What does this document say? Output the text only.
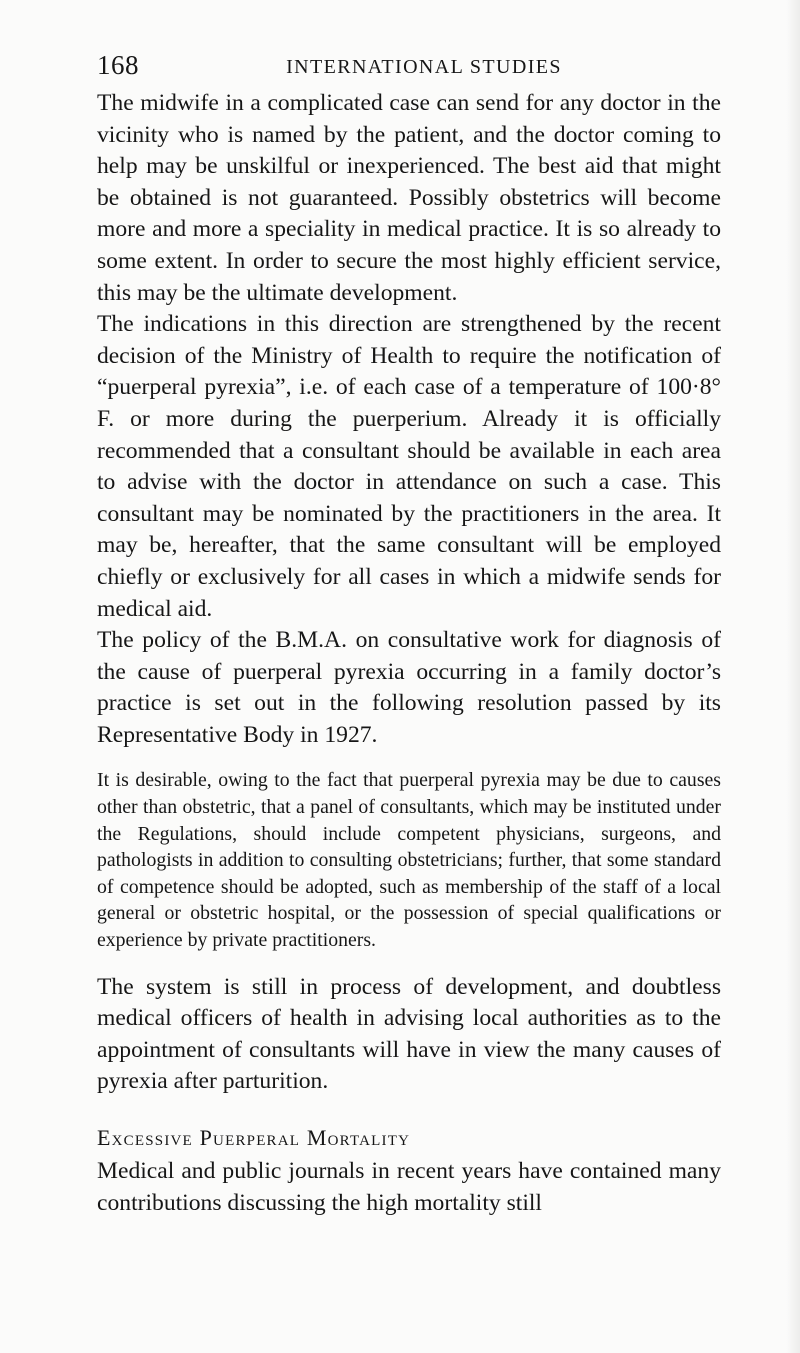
168	INTERNATIONAL STUDIES

The midwife in a complicated case can send for any doctor in the vicinity who is named by the patient, and the doctor coming to help may be unskilful or inexperienced. The best aid that might be obtained is not guaranteed. Possibly obstetrics will become more and more a speciality in medical practice. It is so already to some extent. In order to secure the most highly efficient service, this may be the ultimate development.

The indications in this direction are strengthened by the recent decision of the Ministry of Health to require the notification of “puerperal pyrexia”, i.e. of each case of a temperature of 100·8° F. or more during the puerperium. Already it is officially recommended that a consultant should be available in each area to advise with the doctor in attendance on such a case. This consultant may be nominated by the practitioners in the area. It may be, hereafter, that the same consultant will be employed chiefly or exclusively for all cases in which a midwife sends for medical aid.

The policy of the B.M.A. on consultative work for diagnosis of the cause of puerperal pyrexia occurring in a family doctor’s practice is set out in the following resolution passed by its Representative Body in 1927.

It is desirable, owing to the fact that puerperal pyrexia may be due to causes other than obstetric, that a panel of consultants, which may be instituted under the Regulations, should include competent physicians, surgeons, and pathologists in addition to consulting obstetricians; further, that some standard of competence should be adopted, such as membership of the staff of a local general or obstetric hospital, or the possession of special qualifications or experience by private practitioners.

The system is still in process of development, and doubtless medical officers of health in advising local authorities as to the appointment of consultants will have in view the many causes of pyrexia after parturition.

Excessive Puerperal Mortality

Medical and public journals in recent years have contained many contributions discussing the high mortality still
